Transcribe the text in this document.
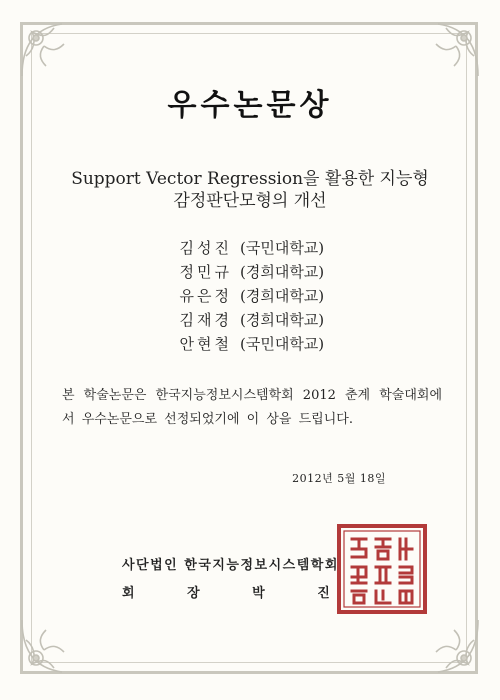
우수논문상
Support Vector Regression을 활용한 지능형
감정판단모형의 개선
김성진 (국민대학교)
정민규 (경희대학교)
유은정 (경희대학교)
김재경 (경희대학교)
안현철 (국민대학교)
본 학술논문은 한국지능정보시스템학회 2012 춘계 학술대회에서 우수논문으로 선정되었기에 이 상을 드립니다.
2012년 5월 18일
사단법인 한국지능정보시스템학회
회 장 박 진
